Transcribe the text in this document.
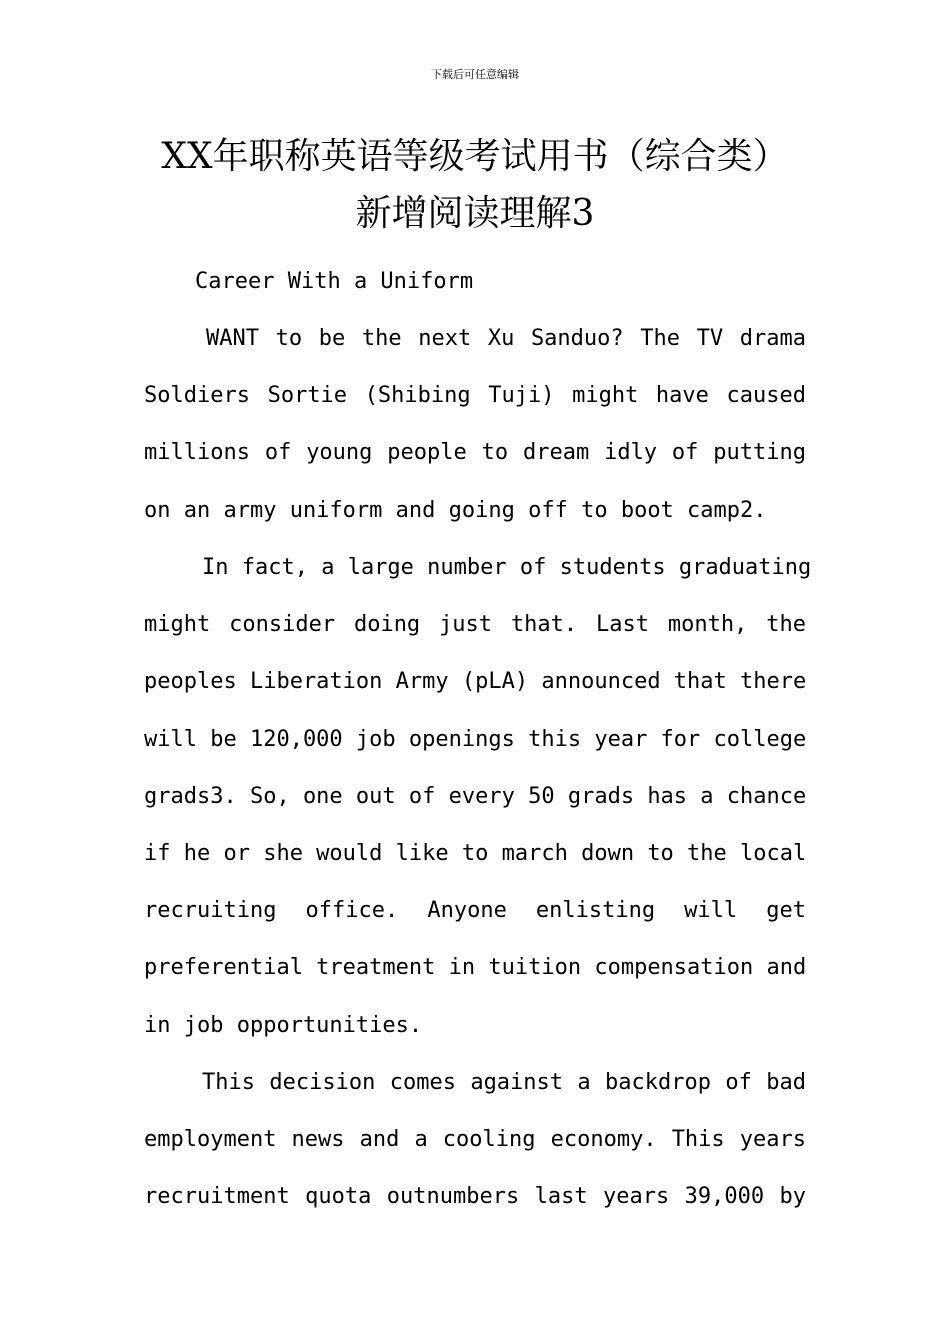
下载后可任意编辑
XX年职称英语等级考试用书（综合类）
新增阅读理解3
Career With a Uniform
WANT to be the next Xu Sanduo? The TV drama
Soldiers Sortie (Shibing Tuji) might have caused
millions of young people to dream idly of putting
on an army uniform and going off to boot camp2.
In fact, a large number of students graduating
might consider doing just that. Last month, the
peoples Liberation Army (pLA) announced that there
will be 120,000 job openings this year for college
grads3. So, one out of every 50 grads has a chance
if he or she would like to march down to the local
recruiting office. Anyone enlisting will get
preferential treatment in tuition compensation and
in job opportunities.
This decision comes against a backdrop of bad
employment news and a cooling economy. This years
recruitment quota outnumbers last years 39,000 by
